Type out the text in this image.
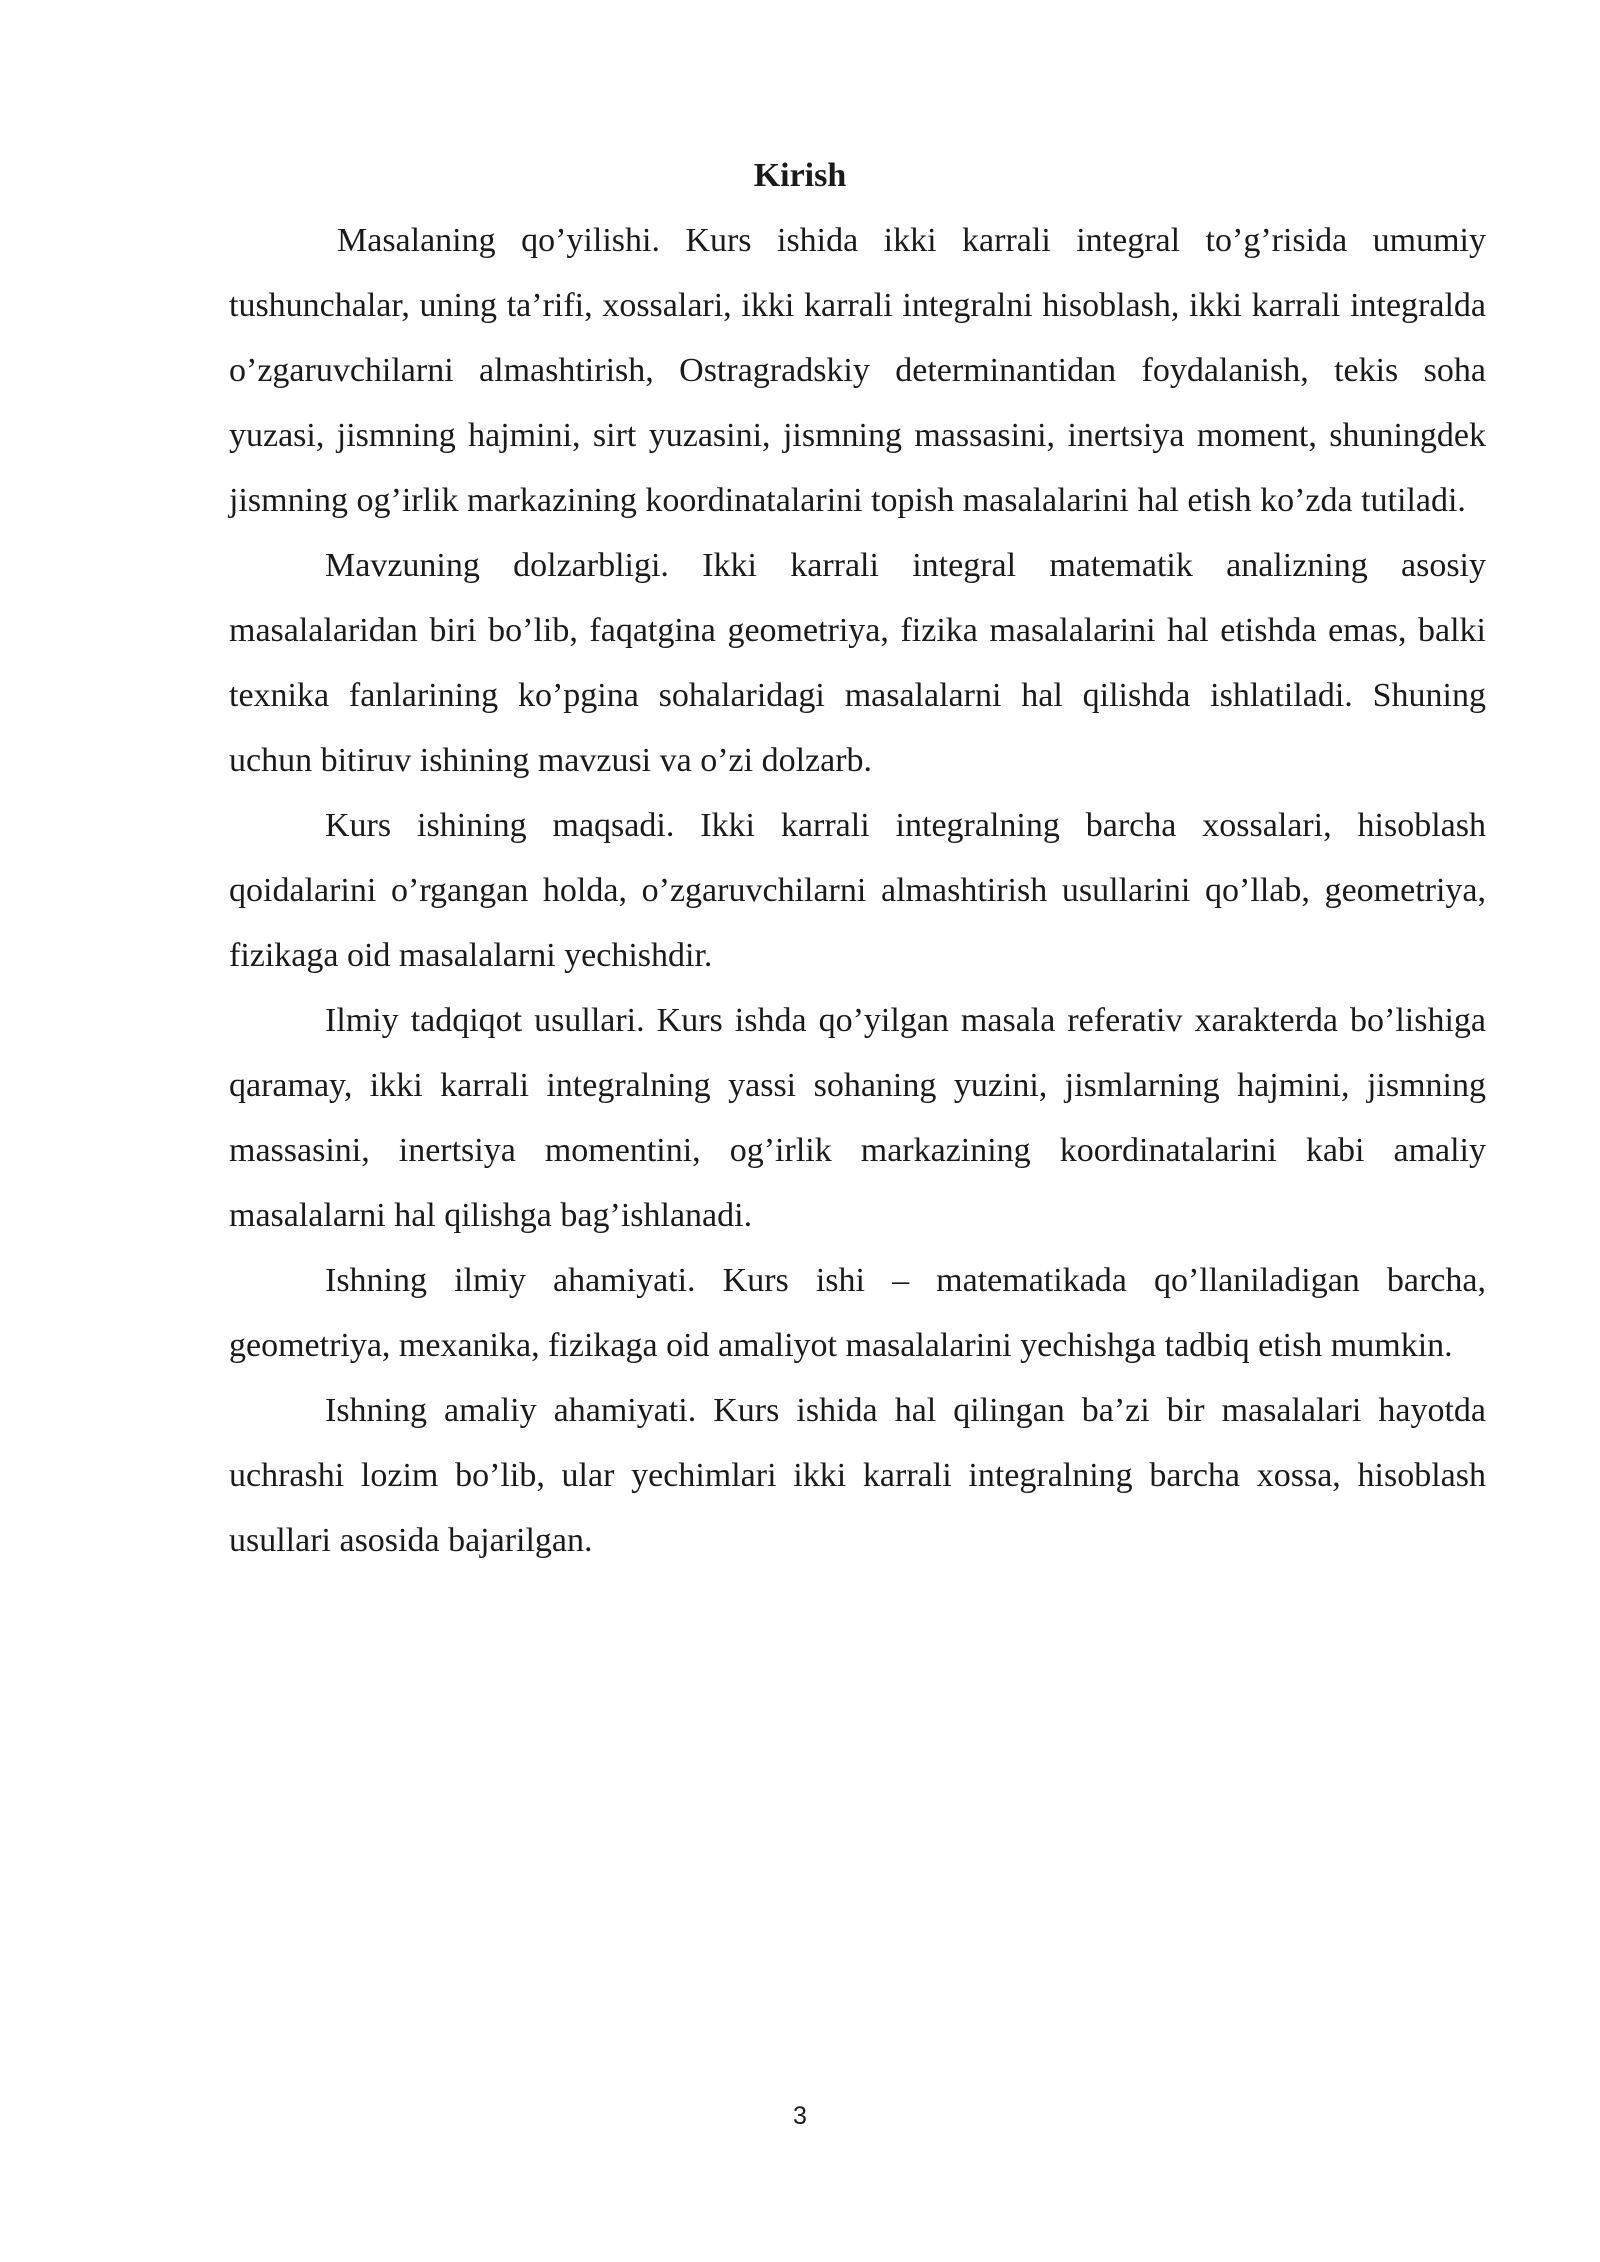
Kirish

Masalaning qo’yilishi. Kurs ishida ikki karrali integral to’g’risida umumiy tushunchalar, uning ta’rifi, xossalari, ikki karrali integralni hisoblash, ikki karrali integralda o’zgaruvchilarni almashtirish, Ostragradskiy determinantidan foydalanish, tekis soha yuzasi, jismning hajmini, sirt yuzasini, jismning massasini, inertsiya moment, shuningdek jismning og’irlik markazining koordinatalarini topish masalalarini hal etish ko’zda tutiladi.

Mavzuning dolzarbligi. Ikki karrali integral matematik analizning asosiy masalalaridan biri bo’lib, faqatgina geometriya, fizika masalalarini hal etishda emas, balki texnika fanlarining ko’pgina sohalaridagi masalalarni hal qilishda ishlatiladi. Shuning uchun bitiruv ishining mavzusi va o’zi dolzarb.

Kurs ishining maqsadi. Ikki karrali integralning barcha xossalari, hisoblash qoidalarini o’rgangan holda, o’zgaruvchilarni almashtirish usullarini qo’llab, geometriya, fizikaga oid masalalarni yechishdir.

Ilmiy tadqiqot usullari. Kurs ishda qo’yilgan masala referativ xarakterda bo’lishiga qaramay, ikki karrali integralning yassi sohaning yuzini, jismlarning hajmini, jismning massasini, inertsiya momentini, og’irlik markazining koordinatalarini kabi amaliy masalalarni hal qilishga bag’ishlanadi.

Ishning ilmiy ahamiyati. Kurs ishi – matematikada qo’llaniladigan barcha, geometriya, mexanika, fizikaga oid amaliyot masalalarini yechishga tadbiq etish mumkin.

Ishning amaliy ahamiyati. Kurs ishida hal qilingan ba’zi bir masalalari hayotda uchrashi lozim bo’lib, ular yechimlari ikki karrali integralning barcha xossa, hisoblash usullari asosida bajarilgan.

3
